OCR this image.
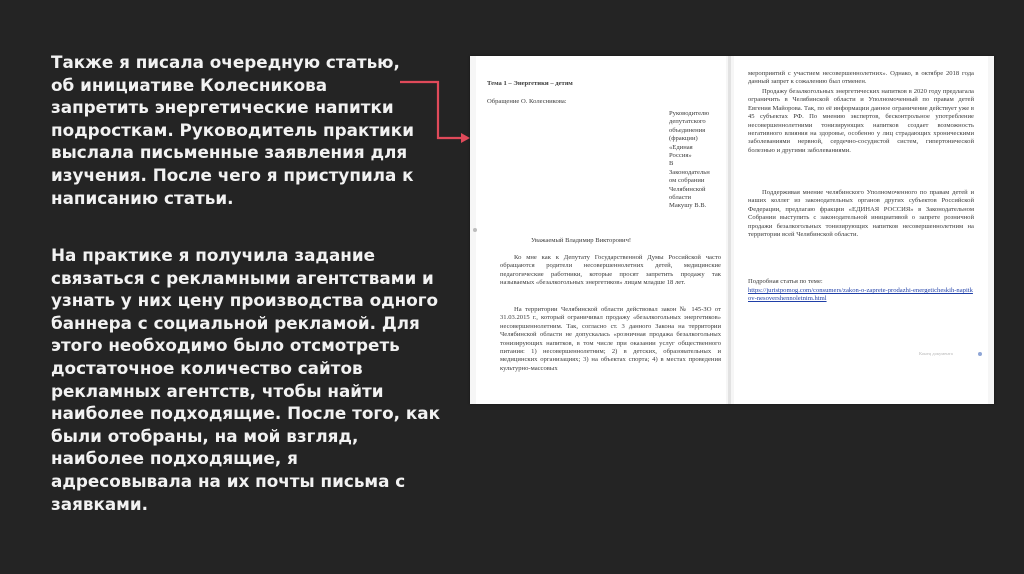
Также я писала очередную статью,
об инициативе Колесникова
запретить энергетические напитки
подросткам. Руководитель практики
выслала письменные заявления для
изучения. После чего я приступила к
написанию статьи.

На практике я получила задание
связаться с рекламными агентствами и
узнать у них цену производства одного
баннера с социальной рекламой. Для
этого необходимо было отсмотреть
достаточное количество сайтов
рекламных агентств, чтобы найти
наиболее подходящие. После того, как
были отобраны, на мой взгляд,
наиболее подходящие, я
адресовывала на их почты письма с
заявками.

Тема 1 – Энергетики – детям
Обращение О. Колесникова:
Руководителю
депутатского
объединения
(фракции)
«Единая
Россия»
В
Законодательн
ом собрании
Челябинской
области
Макушу В.В.
Уважаемый Владимир Викторович!

Ко мне как к Депутату Государственной Думы Российской часто обращаются родители несовершеннолетних детей, медицинские педагогические работники, которые просят запретить продажу так называемых «безалкогольных энергетиков» лицам младше 18 лет.

На территории Челябинской области действовал закон № 145-ЗО от 31.03.2015 г., который ограничивал продажу «безалкогольных энергетиков» несовершеннолетним. Так, согласно ст. 3 данного Закона на территории Челябинской области не допускалась «розничная продажа безалкогольных тонизирующих напитков, в том числе при оказании услуг общественного питания: 1) несовершеннолетним; 2) в детских, образовательных и медицинских организациях; 3) на объектах спорта; 4) в местах проведения культурно-массовых

мероприятий с участием несовершеннолетних». Однако, в октябре 2018 года данный запрет к сожалению был отменен.

Продажу безалкогольных энергетических напитков в 2020 году предлагала ограничить в Челябинской области и Уполномоченный по правам детей Евгения Майорова. Так, по её информации данное ограничение действует уже в 45 субъектах РФ. По мнению экспертов, бесконтрольное употребление несовершеннолетними тонизирующих напитков создает возможность негативного влияния на здоровье, особенно у лиц страдающих хроническими заболеваниями нервной, сердечно-сосудистой систем, гипертонической болезнью и другими заболеваниями.

Поддерживая мнение челябинского Уполномоченного по правам детей и наших коллег из законодательных органов других субъектов Российской Федерации, предлагаю фракции «ЕДИНАЯ РОССИЯ» в Законодательном Собрании выступить с законодательной инициативой о запрете розничной продажи безалкогольных тонизирующих напитков несовершеннолетним на территории всей Челябинской области.

Подробная статья по теме:
https://juristpomog.com/consumers/zakon-o-zaprete-prodazhi-energeticheskih-napitkov-nesovershennoletnim.html
Конец документа
